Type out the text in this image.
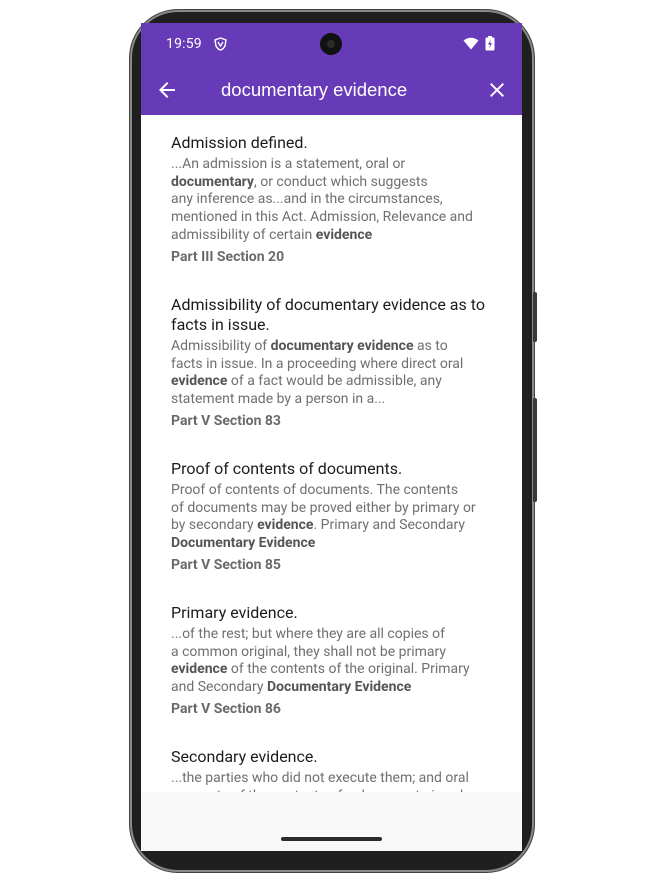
19:59
documentary evidence
Admission defined.
...An admission is a statement, oral or
documentary, or conduct which suggests
any inference as...and in the circumstances,
mentioned in this Act. Admission, Relevance and
admissibility of certain evidence
Part III Section 20
Admissibility of documentary evidence as to facts in issue.
Admissibility of documentary evidence as to
facts in issue. In a proceeding where direct oral
evidence of a fact would be admissible, any
statement made by a person in a...
Part V Section 83
Proof of contents of documents.
Proof of contents of documents. The contents
of documents may be proved either by primary or
by secondary evidence. Primary and Secondary
Documentary Evidence
Part V Section 85
Primary evidence.
...of the rest; but where they are all copies of
a common original, they shall not be primary
evidence of the contents of the original. Primary
and Secondary Documentary Evidence
Part V Section 86
Secondary evidence.
...the parties who did not execute them; and oral
